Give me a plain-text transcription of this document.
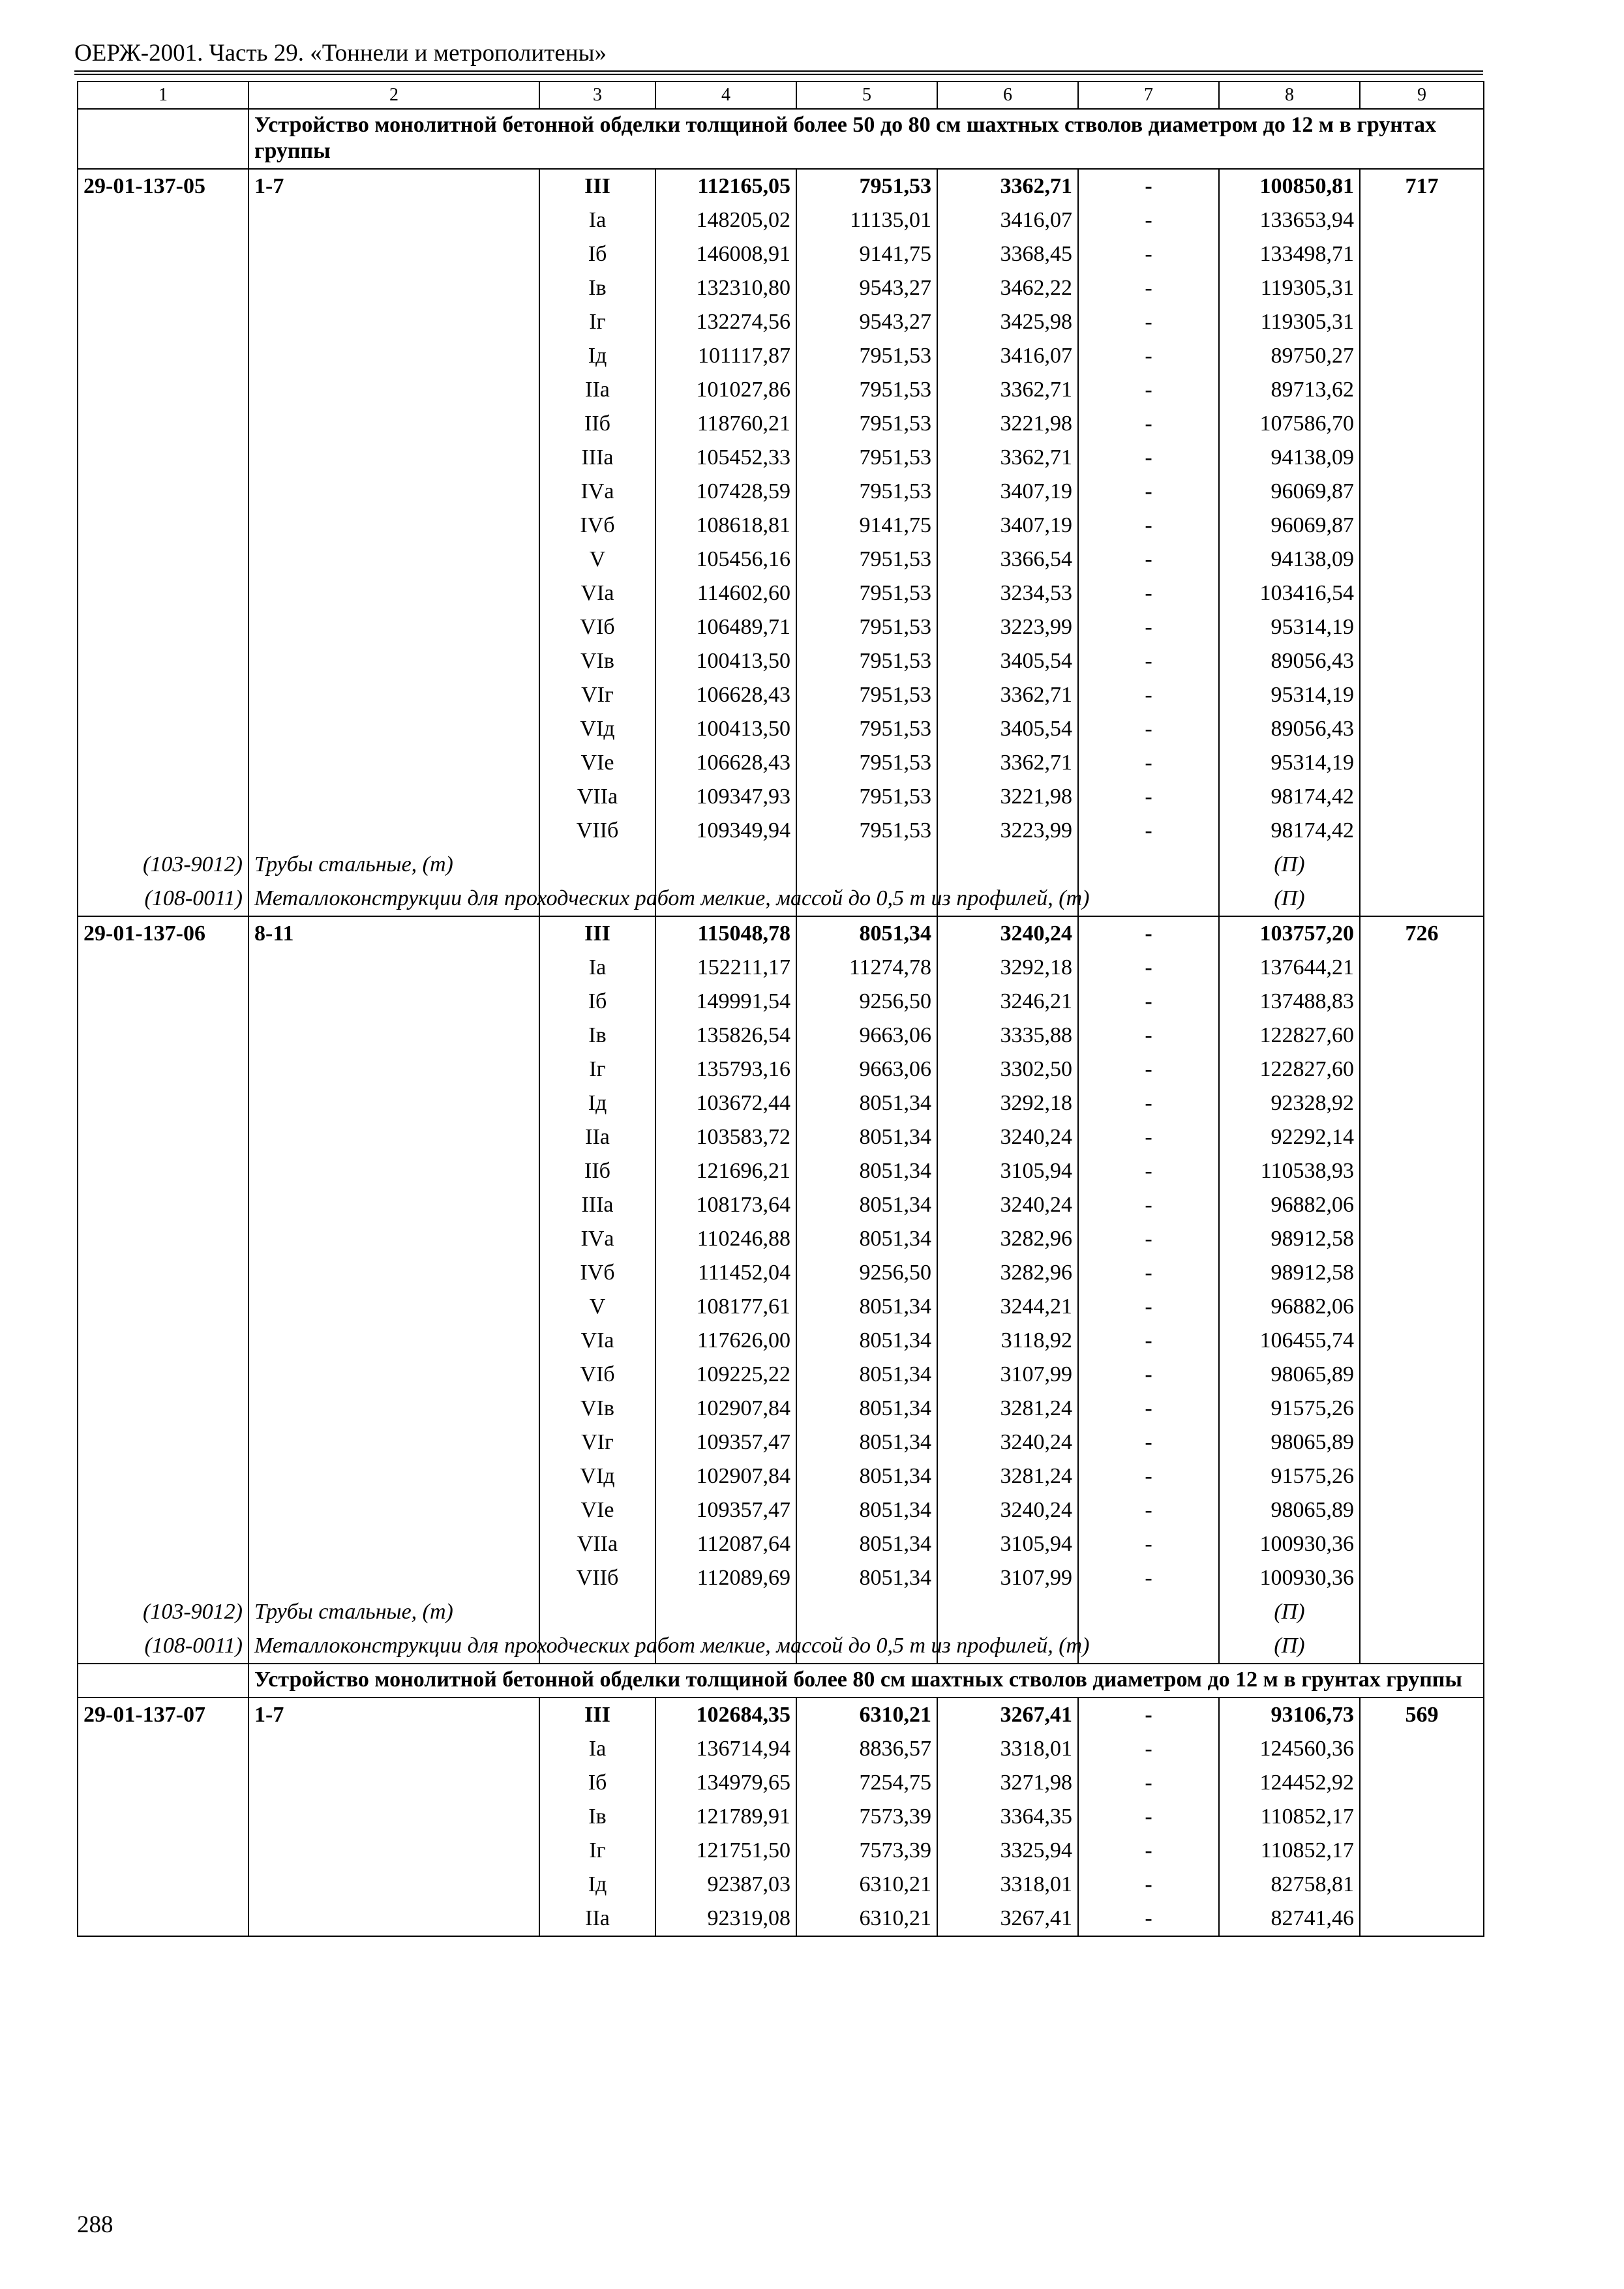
ОЕРЖ-2001. Часть 29. «Тоннели и метрополитены»
1	2	3	4	5	6	7	8	9
	Устройство монолитной бетонной обделки толщиной более 50 до 80 см шахтных стволов диаметром до 12 м в грунтах группы							
29-01-137-05	1-7	III	112165,05	7951,53	3362,71	-	100850,81	717
		Iа	148205,02	11135,01	3416,07	-	133653,94	
		Iб	146008,91	9141,75	3368,45	-	133498,71	
		Iв	132310,80	9543,27	3462,22	-	119305,31	
		Iг	132274,56	9543,27	3425,98	-	119305,31	
		Iд	101117,87	7951,53	3416,07	-	89750,27	
		IIа	101027,86	7951,53	3362,71	-	89713,62	
		IIб	118760,21	7951,53	3221,98	-	107586,70	
		IIIа	105452,33	7951,53	3362,71	-	94138,09	
		IVа	107428,59	7951,53	3407,19	-	96069,87	
		IVб	108618,81	9141,75	3407,19	-	96069,87	
		V	105456,16	7951,53	3366,54	-	94138,09	
		VIа	114602,60	7951,53	3234,53	-	103416,54	
		VIб	106489,71	7951,53	3223,99	-	95314,19	
		VIв	100413,50	7951,53	3405,54	-	89056,43	
		VIг	106628,43	7951,53	3362,71	-	95314,19	
		VIд	100413,50	7951,53	3405,54	-	89056,43	
		VIе	106628,43	7951,53	3362,71	-	95314,19	
		VIIа	109347,93	7951,53	3221,98	-	98174,42	
		VIIб	109349,94	7951,53	3223,99	-	98174,42	
(103-9012)	Трубы стальные, (т)						(П)	
(108-0011)	Металлоконструкции для проходческих работ мелкие, массой до 0,5 т из профилей, (т)						(П)	
29-01-137-06	8-11	III	115048,78	8051,34	3240,24	-	103757,20	726
		Iа	152211,17	11274,78	3292,18	-	137644,21	
		Iб	149991,54	9256,50	3246,21	-	137488,83	
		Iв	135826,54	9663,06	3335,88	-	122827,60	
		Iг	135793,16	9663,06	3302,50	-	122827,60	
		Iд	103672,44	8051,34	3292,18	-	92328,92	
		IIа	103583,72	8051,34	3240,24	-	92292,14	
		IIб	121696,21	8051,34	3105,94	-	110538,93	
		IIIа	108173,64	8051,34	3240,24	-	96882,06	
		IVа	110246,88	8051,34	3282,96	-	98912,58	
		IVб	111452,04	9256,50	3282,96	-	98912,58	
		V	108177,61	8051,34	3244,21	-	96882,06	
		VIа	117626,00	8051,34	3118,92	-	106455,74	
		VIб	109225,22	8051,34	3107,99	-	98065,89	
		VIв	102907,84	8051,34	3281,24	-	91575,26	
		VIг	109357,47	8051,34	3240,24	-	98065,89	
		VIд	102907,84	8051,34	3281,24	-	91575,26	
		VIе	109357,47	8051,34	3240,24	-	98065,89	
		VIIа	112087,64	8051,34	3105,94	-	100930,36	
		VIIб	112089,69	8051,34	3107,99	-	100930,36	
(103-9012)	Трубы стальные, (т)						(П)	
(108-0011)	Металлоконструкции для проходческих работ мелкие, массой до 0,5 т из профилей, (т)						(П)	
	Устройство монолитной бетонной обделки толщиной более 80 см шахтных стволов диаметром до 12 м в грунтах группы							
29-01-137-07	1-7	III	102684,35	6310,21	3267,41	-	93106,73	569
		Iа	136714,94	8836,57	3318,01	-	124560,36	
		Iб	134979,65	7254,75	3271,98	-	124452,92	
		Iв	121789,91	7573,39	3364,35	-	110852,17	
		Iг	121751,50	7573,39	3325,94	-	110852,17	
		Iд	92387,03	6310,21	3318,01	-	82758,81	
		IIа	92319,08	6310,21	3267,41	-	82741,46	
288
